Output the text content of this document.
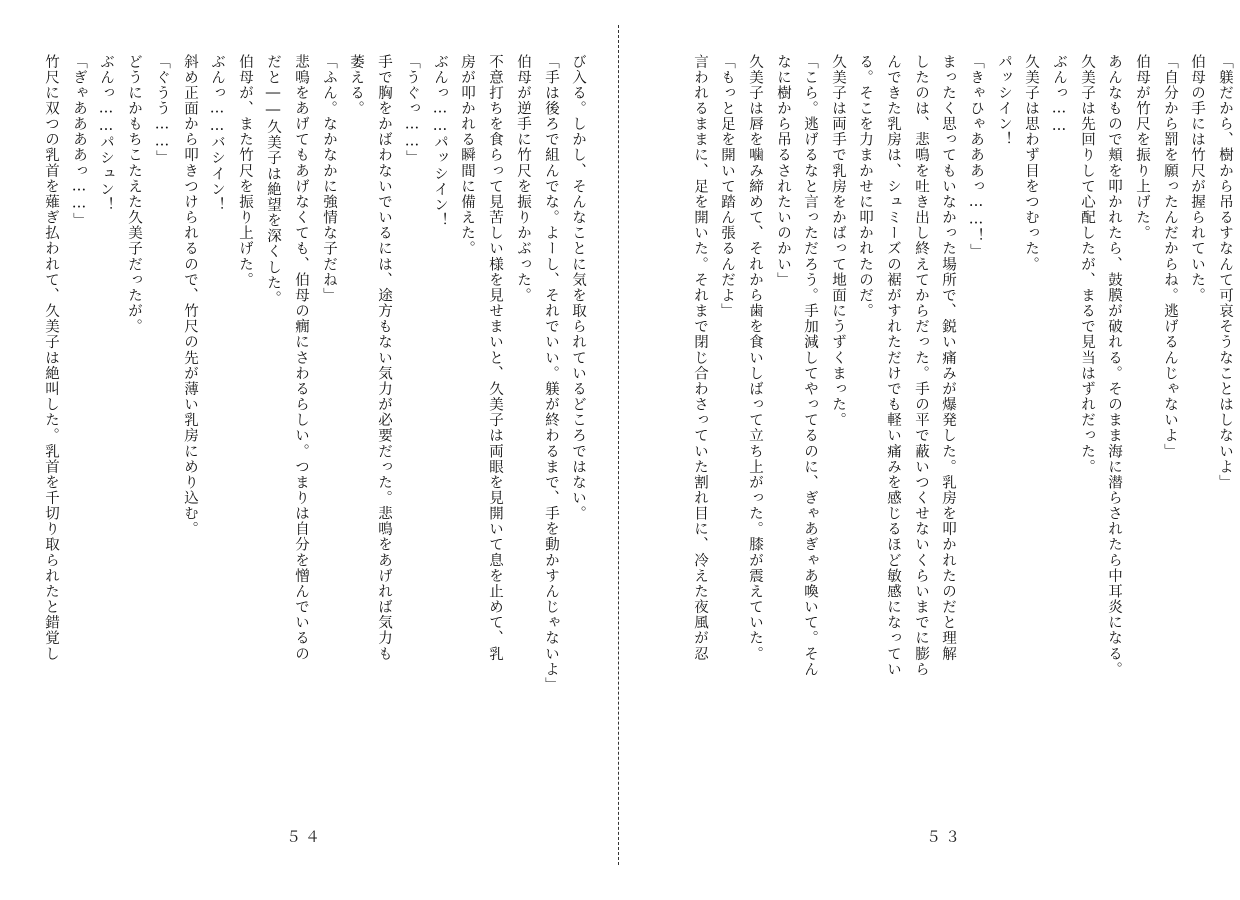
び入る。しかし、そんなことに気を取られているどころではない。
「手は後ろで組んでな。よーし、それでいい。躾が終わるまで、手を動かすんじゃないよ」
伯母が逆手に竹尺を振りかぶった。
不意打ちを食らって見苦しい様を見せまいと、久美子は両眼を見開いて息を止めて、乳
房が叩かれる瞬間に備えた。
ぶんっ……パッシイン！
「うぐっ……」
手で胸をかばわないでいるには、途方もない気力が必要だった。悲鳴をあげれば気力も
萎える。
「ふん。なかなかに強情な子だね」
悲鳴をあげてもあげなくても、伯母の癇にさわるらしい。つまりは自分を憎んでいるの
だと――久美子は絶望を深くした。
伯母が、また竹尺を振り上げた。
ぶんっ……バシイン！
斜め正面から叩きつけられるので、竹尺の先が薄い乳房にめり込む。
「ぐうう……」
どうにかもちこたえた久美子だったが。
ぶんっ……パシュン！
「ぎゃああああっ……」
竹尺に双つの乳首を薙ぎ払われて、久美子は絶叫した。乳首を千切り取られたと錯覚し
５４
「躾だから、樹から吊るすなんて可哀そうなことはしないよ」
伯母の手には竹尺が握られていた。
「自分から罰を願ったんだからね。逃げるんじゃないよ」
伯母が竹尺を振り上げた。
あんなもので頬を叩かれたら、鼓膜が破れる。そのまま海に潜らされたら中耳炎になる。
久美子は先回りして心配したが、まるで見当はずれだった。
ぶんっ……
久美子は思わず目をつむった。
パッシイン！
「きゃひゃあああっ……！」
まったく思ってもいなかった場所で、鋭い痛みが爆発した。乳房を叩かれたのだと理解
したのは、悲鳴を吐き出し終えてからだった。手の平で蔽いつくせないくらいまでに膨ら
んできた乳房は、シュミーズの裾がすれただけでも軽い痛みを感じるほど敏感になってい
る。そこを力まかせに叩かれたのだ。
久美子は両手で乳房をかばって地面にうずくまった。
「こら。逃げるなと言っただろう。手加減してやってるのに、ぎゃあぎゃあ喚いて。そん
なに樹から吊るされたいのかい」
久美子は唇を噛み締めて、それから歯を食いしばって立ち上がった。膝が震えていた。
「もっと足を開いて踏ん張るんだよ」
言われるままに、足を開いた。それまで閉じ合わさっていた割れ目に、冷えた夜風が忍
５３
